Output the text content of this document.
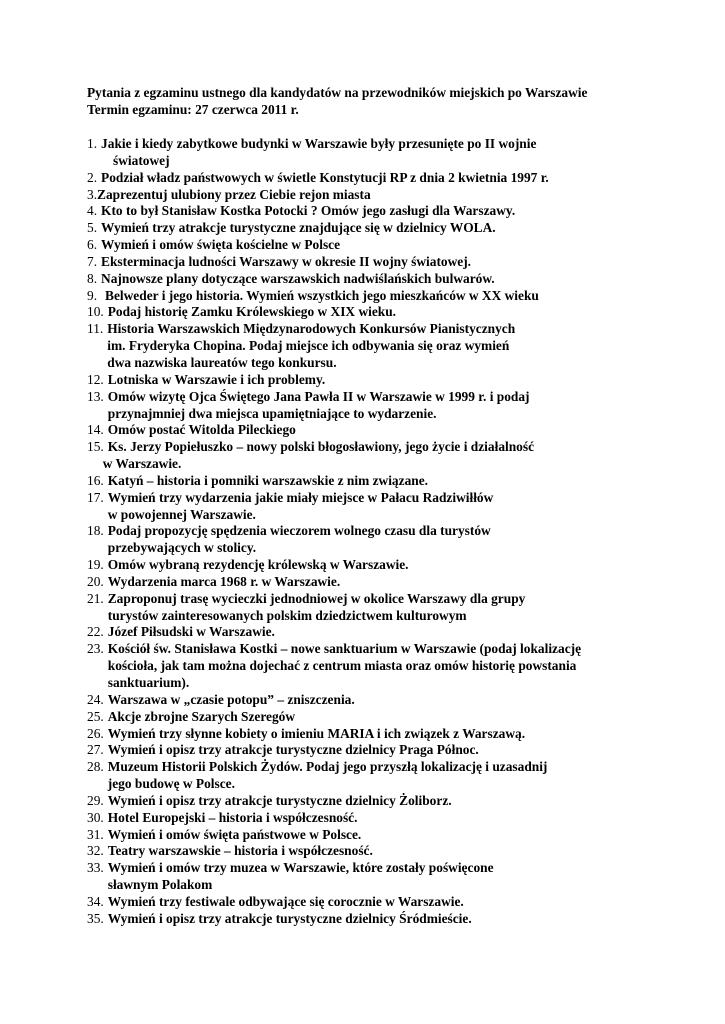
Pytania z egzaminu ustnego dla kandydatów na przewodników miejskich po Warszawie
Termin egzaminu: 27 czerwca 2011 r.
1. Jakie i kiedy zabytkowe budynki w Warszawie były przesunięte po II wojnie
światowej
2. Podział władz państwowych w świetle Konstytucji RP z dnia 2 kwietnia 1997 r.
3. Zaprezentuj ulubiony przez Ciebie rejon miasta
4. Kto to był Stanisław Kostka Potocki ? Omów jego zasługi dla Warszawy.
5. Wymień trzy atrakcje turystyczne znajdujące się w dzielnicy WOLA.
6. Wymień i omów święta kościelne w Polsce
7. Eksterminacja ludności Warszawy w okresie II wojny światowej.
8. Najnowsze plany dotyczące warszawskich nadwiślańskich bulwarów.
9. Belweder i jego historia. Wymień wszystkich jego mieszkańców w XX wieku
10. Podaj historię Zamku Królewskiego w XIX wieku.
11. Historia Warszawskich Międzynarodowych Konkursów Pianistycznych
im. Fryderyka Chopina. Podaj miejsce ich odbywania się oraz wymień
dwa nazwiska laureatów tego konkursu.
12. Lotniska w Warszawie i ich problemy.
13. Omów wizytę Ojca Świętego Jana Pawła II w Warszawie w 1999 r. i podaj
przynajmniej dwa miejsca upamiętniające to wydarzenie.
14. Omów postać Witolda Pileckiego
15. Ks. Jerzy Popiełuszko – nowy polski błogosławiony, jego życie i działalność
w Warszawie.
16. Katyń – historia i pomniki warszawskie z nim związane.
17. Wymień trzy wydarzenia jakie miały miejsce w Pałacu Radziwiłłów
w powojennej Warszawie.
18. Podaj propozycję spędzenia wieczorem wolnego czasu dla turystów
przebywających w stolicy.
19. Omów wybraną rezydencję królewską w Warszawie.
20. Wydarzenia marca 1968 r. w Warszawie.
21. Zaproponuj trasę wycieczki jednodniowej w okolice Warszawy dla grupy
turystów zainteresowanych polskim dziedzictwem kulturowym
22. Józef Piłsudski w Warszawie.
23. Kościół św. Stanisława Kostki – nowe sanktuarium w Warszawie (podaj lokalizację
kościoła, jak tam można dojechać z centrum miasta oraz omów historię powstania
sanktuarium).
24. Warszawa w „czasie potopu” – zniszczenia.
25. Akcje zbrojne Szarych Szeregów
26. Wymień trzy słynne kobiety o imieniu MARIA i ich związek z Warszawą.
27. Wymień i opisz trzy atrakcje turystyczne dzielnicy Praga Północ.
28. Muzeum Historii Polskich Żydów. Podaj jego przyszłą lokalizację i uzasadnij
jego budowę w Polsce.
29. Wymień i opisz trzy atrakcje turystyczne dzielnicy Żoliborz.
30. Hotel Europejski – historia i współczesność.
31. Wymień i omów święta państwowe w Polsce.
32. Teatry warszawskie – historia i współczesność.
33. Wymień i omów trzy muzea w Warszawie, które zostały poświęcone
sławnym Polakom
34. Wymień trzy festiwale odbywające się corocznie w Warszawie.
35. Wymień i opisz trzy atrakcje turystyczne dzielnicy Śródmieście.
